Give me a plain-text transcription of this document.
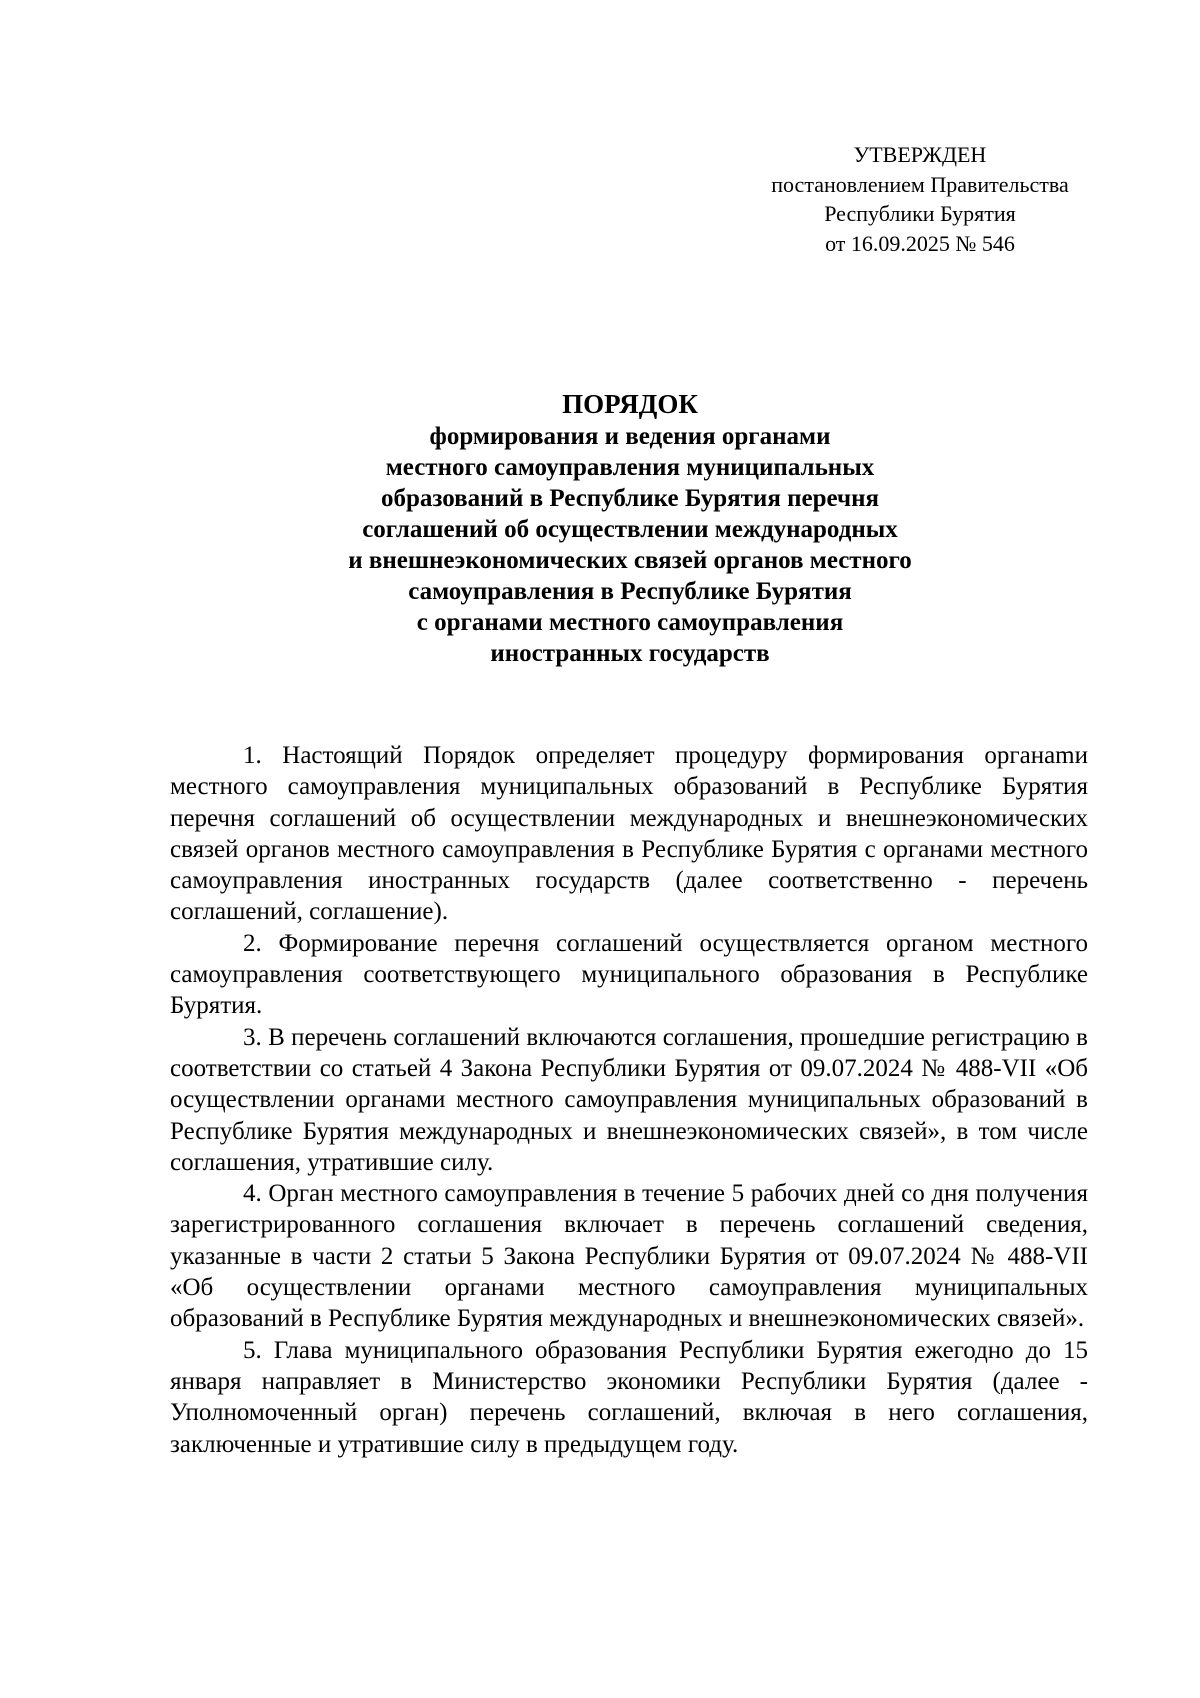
УТВЕРЖДЕН
постановлением Правительства
Республики Бурятия
от 16.09.2025 № 546
ПОРЯДОК
формирования и ведения органами
местного самоуправления муниципальных
образований в Республике Бурятия перечня
соглашений об осуществлении международных
и внешнеэкономических связей органов местного
самоуправления в Республике Бурятия
с органами местного самоуправления
иностранных государств

1. Настоящий Порядок определяет процедуру формирования органаmи местного самоуправления муниципальных образований в Республике Бурятия перечня соглашений об осуществлении международных и внешнеэкономических связей органов местного самоуправления в Республике Бурятия с органами местного самоуправления иностранных государств (далее соответственно - перечень соглашений, соглашение).

2. Формирование перечня соглашений осуществляется органом местного самоуправления соответствующего муниципального образования в Республике Бурятия.

3. В перечень соглашений включаются соглашения, прошедшие регистрацию в соответствии со статьей 4 Закона Республики Бурятия от 09.07.2024 № 488-VII «Об осуществлении органами местного самоуправления муниципальных образований в Республике Бурятия международных и внешнеэкономических связей», в том числе соглашения, утратившие силу.

4. Орган местного самоуправления в течение 5 рабочих дней со дня получения зарегистрированного соглашения включает в перечень соглашений сведения, указанные в части 2 статьи 5 Закона Республики Бурятия от 09.07.2024 № 488-VII «Об осуществлении органами местного самоуправления муниципальных образований в Республике Бурятия международных и внешнеэкономических связей».

5. Глава муниципального образования Республики Бурятия ежегодно до 15 января направляет в Министерство экономики Республики Бурятия (далее - Уполномоченный орган) перечень соглашений, включая в него соглашения, заключенные и утратившие силу в предыдущем году.
